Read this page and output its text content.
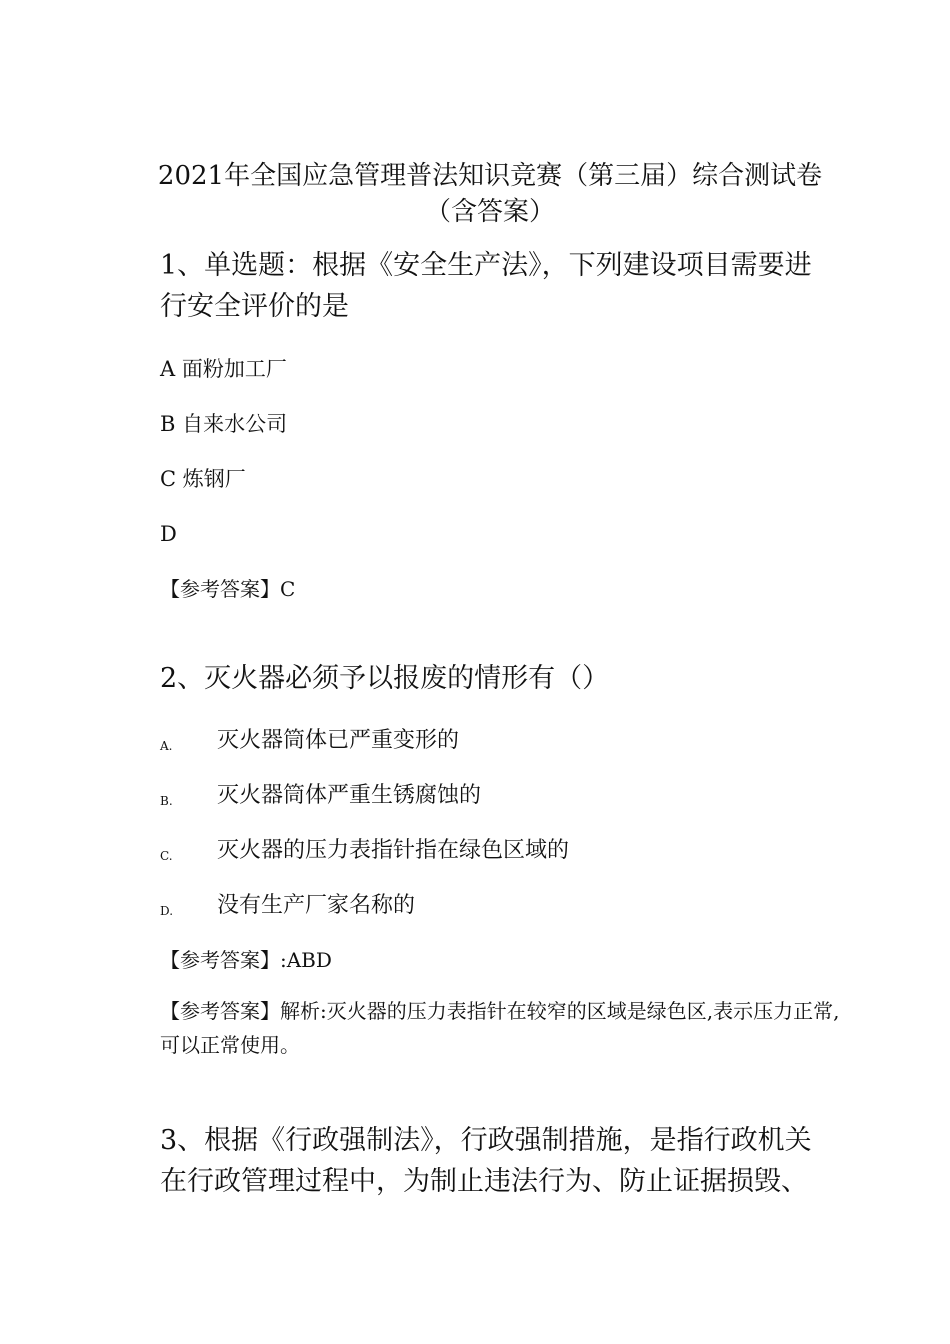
2021年全国应急管理普法知识竞赛（第三届）综合测试卷（含答案）
1、单选题：根据《安全生产法》，下列建设项目需要进行安全评价的是
A 面粉加工厂
B 自来水公司
C 炼钢厂
D
【参考答案】C
2、灭火器必须予以报废的情形有（）
A. 灭火器筒体已严重变形的
B. 灭火器筒体严重生锈腐蚀的
C. 灭火器的压力表指针指在绿色区域的
D. 没有生产厂家名称的
【参考答案】:ABD
【参考答案】解析:灭火器的压力表指针在较窄的区域是绿色区,表示压力正常,可以正常使用。
3、根据《行政强制法》，行政强制措施，是指行政机关在行政管理过程中，为制止违法行为、防止证据损毁、
